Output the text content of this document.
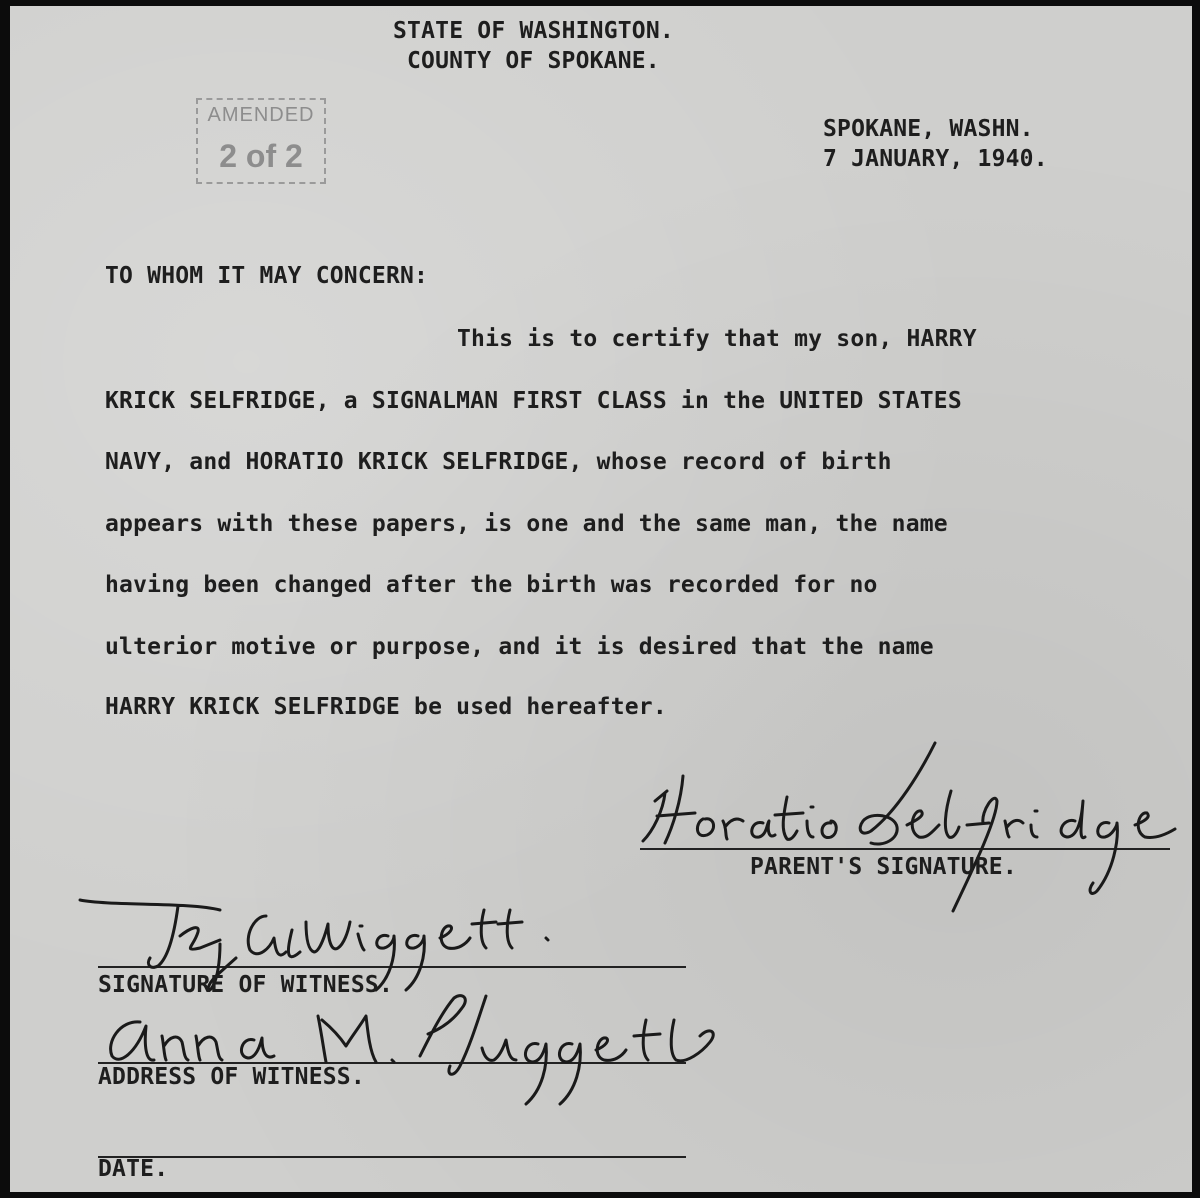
STATE OF WASHINGTON.
COUNTY OF SPOKANE.
AMENDED
2 of 2
SPOKANE, WASHN.
7 JANUARY, 1940.
TO WHOM IT MAY CONCERN:
This is to certify that my son, HARRY
KRICK SELFRIDGE, a SIGNALMAN FIRST CLASS in the UNITED STATES
NAVY, and HORATIO KRICK SELFRIDGE, whose record of birth
appears with these papers, is one and the same man, the name
having been changed after the birth was recorded for no
ulterior motive or purpose, and it is desired that the name
HARRY KRICK SELFRIDGE be used hereafter.
PARENT'S SIGNATURE.
SIGNATURE OF WITNESS.
ADDRESS OF WITNESS.
DATE.
